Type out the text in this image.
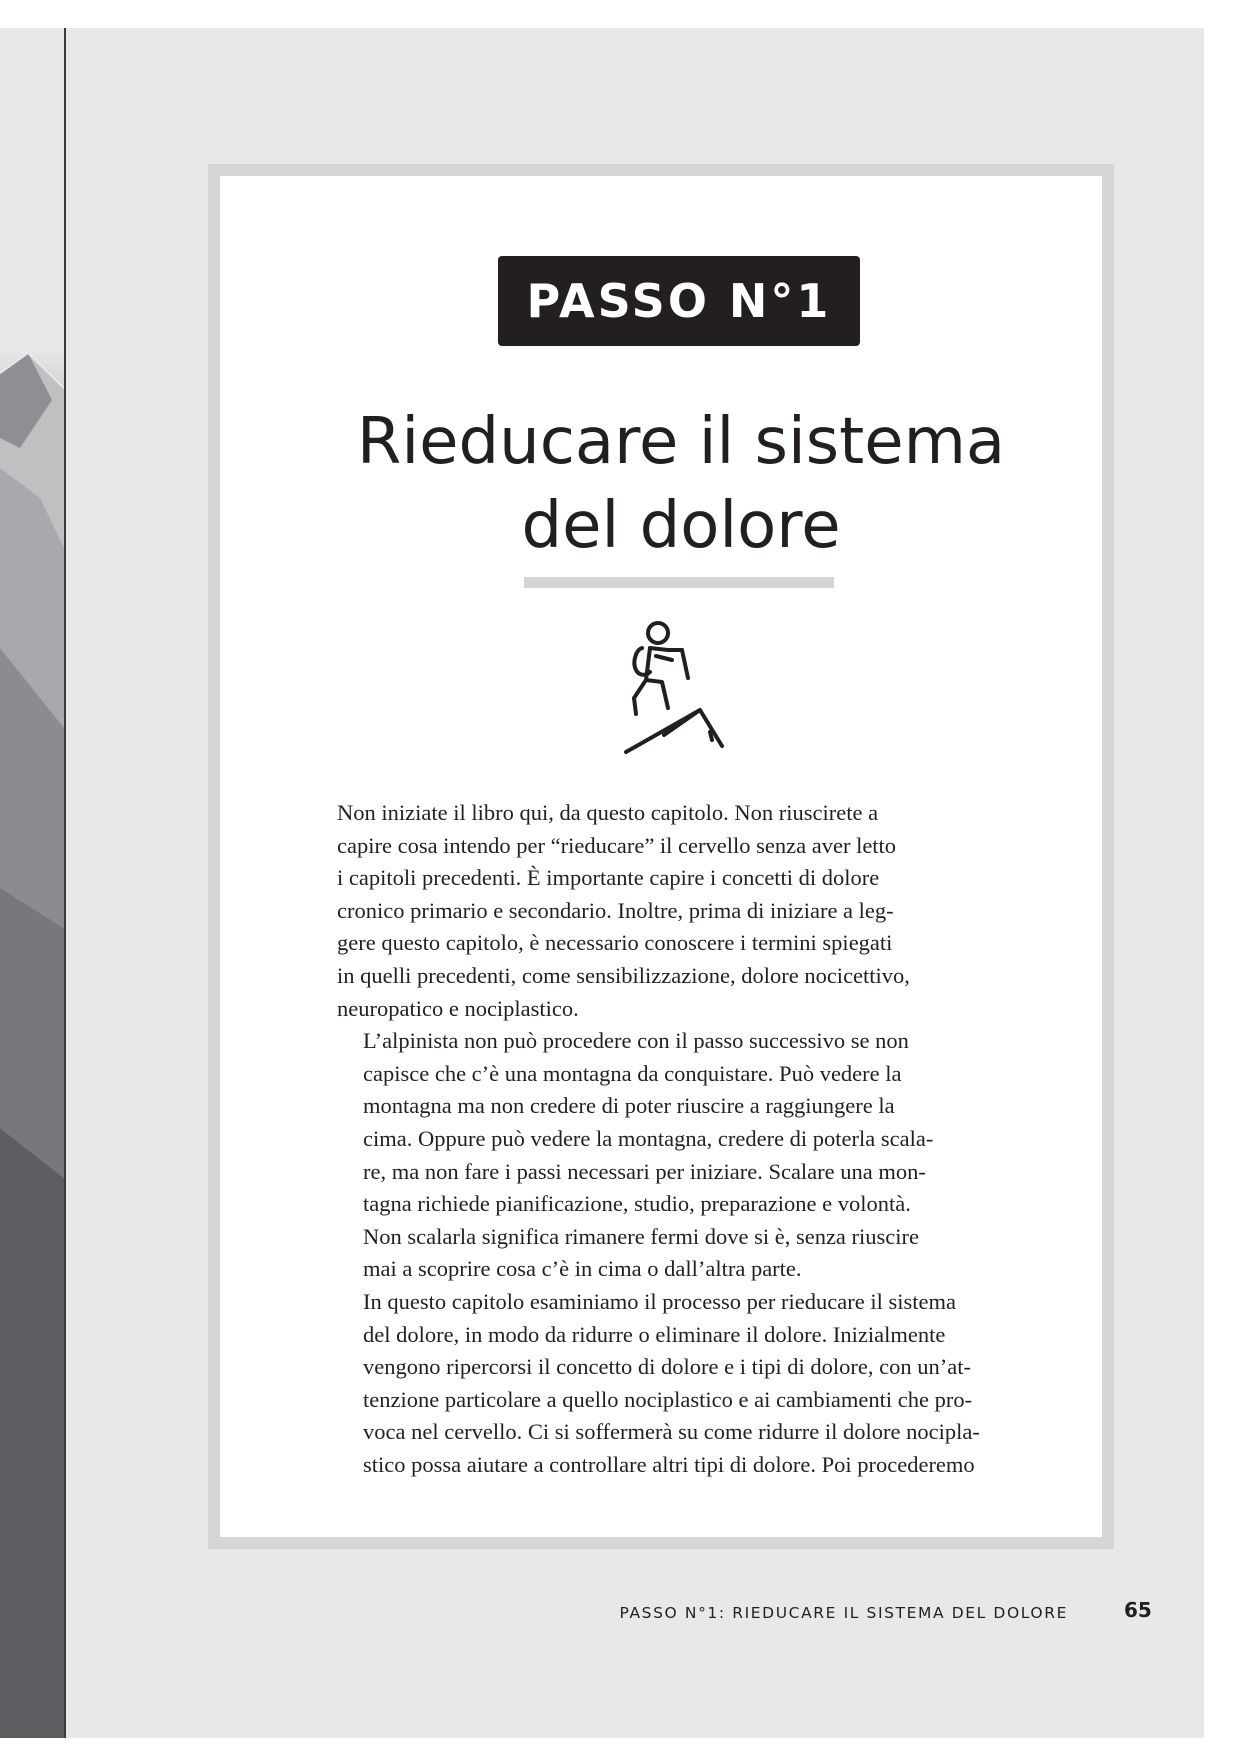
PASSO N°1
Rieducare il sistema
del dolore

Non iniziate il libro qui, da questo capitolo. Non riuscirete a
capire cosa intendo per “rieducare” il cervello senza aver letto
i capitoli precedenti. È importante capire i concetti di dolore
cronico primario e secondario. Inoltre, prima di iniziare a leg-
gere questo capitolo, è necessario conoscere i termini spiegati
in quelli precedenti, come sensibilizzazione, dolore nocicettivo,
neuropatico e nociplastico.

L’alpinista non può procedere con il passo successivo se non
capisce che c’è una montagna da conquistare. Può vedere la
montagna ma non credere di poter riuscire a raggiungere la
cima. Oppure può vedere la montagna, credere di poterla scala-
re, ma non fare i passi necessari per iniziare. Scalare una mon-
tagna richiede pianificazione, studio, preparazione e volontà.
Non scalarla significa rimanere fermi dove si è, senza riuscire
mai a scoprire cosa c’è in cima o dall’altra parte.

In questo capitolo esaminiamo il processo per rieducare il sistema
del dolore, in modo da ridurre o eliminare il dolore. Inizialmente
vengono ripercorsi il concetto di dolore e i tipi di dolore, con un’at-
tenzione particolare a quello nociplastico e ai cambiamenti che pro-
voca nel cervello. Ci si soffermerà su come ridurre il dolore nocipla-
stico possa aiutare a controllare altri tipi di dolore. Poi procederemo

PASSO N°1: RIEDUCARE IL SISTEMA DEL DOLORE	65
